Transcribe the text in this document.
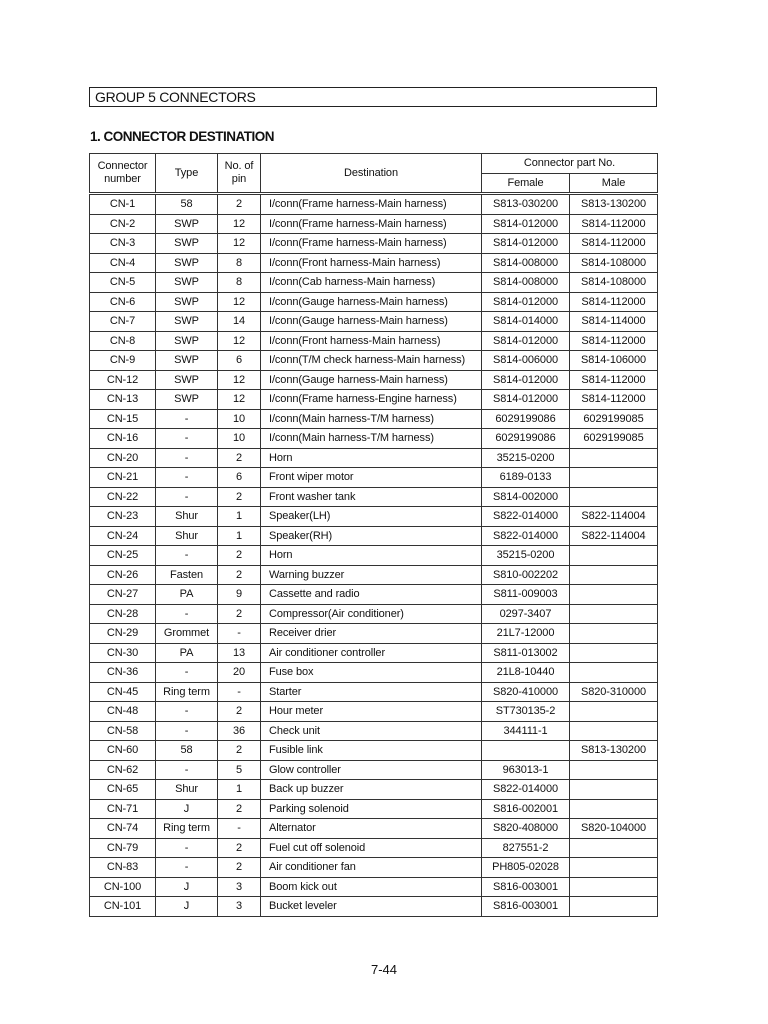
GROUP 5 CONNECTORS
1. CONNECTOR DESTINATION
Connector
number	Type	No. of
pin	Destination	Connector part No.	
				Female	Male
CN-1	58	2	I/conn(Frame harness-Main harness)	S813-030200	S813-130200
CN-2	SWP	12	I/conn(Frame harness-Main harness)	S814-012000	S814-112000
CN-3	SWP	12	I/conn(Frame harness-Main harness)	S814-012000	S814-112000
CN-4	SWP	8	I/conn(Front harness-Main harness)	S814-008000	S814-108000
CN-5	SWP	8	I/conn(Cab harness-Main harness)	S814-008000	S814-108000
CN-6	SWP	12	I/conn(Gauge harness-Main harness)	S814-012000	S814-112000
CN-7	SWP	14	I/conn(Gauge harness-Main harness)	S814-014000	S814-114000
CN-8	SWP	12	I/conn(Front harness-Main harness)	S814-012000	S814-112000
CN-9	SWP	6	I/conn(T/M check harness-Main harness)	S814-006000	S814-106000
CN-12	SWP	12	I/conn(Gauge harness-Main harness)	S814-012000	S814-112000
CN-13	SWP	12	I/conn(Frame harness-Engine harness)	S814-012000	S814-112000
CN-15	-	10	I/conn(Main harness-T/M harness)	6029199086	6029199085
CN-16	-	10	I/conn(Main harness-T/M harness)	6029199086	6029199085
CN-20	-	2	Horn	35215-0200	
CN-21	-	6	Front wiper motor	6189-0133	
CN-22	-	2	Front washer tank	S814-002000	
CN-23	Shur	1	Speaker(LH)	S822-014000	S822-114004
CN-24	Shur	1	Speaker(RH)	S822-014000	S822-114004
CN-25	-	2	Horn	35215-0200	
CN-26	Fasten	2	Warning buzzer	S810-002202	
CN-27	PA	9	Cassette and radio	S811-009003	
CN-28	-	2	Compressor(Air conditioner)	0297-3407	
CN-29	Grommet	-	Receiver drier	21L7-12000	
CN-30	PA	13	Air conditioner controller	S811-013002	
CN-36	-	20	Fuse box	21L8-10440	
CN-45	Ring term	-	Starter	S820-410000	S820-310000
CN-48	-	2	Hour meter	ST730135-2	
CN-58	-	36	Check unit	344111-1	
CN-60	58	2	Fusible link		S813-130200
CN-62	-	5	Glow controller	963013-1	
CN-65	Shur	1	Back up buzzer	S822-014000	
CN-71	J	2	Parking solenoid	S816-002001	
CN-74	Ring term	-	Alternator	S820-408000	S820-104000
CN-79	-	2	Fuel cut off solenoid	827551-2	
CN-83	-	2	Air conditioner fan	PH805-02028	
CN-100	J	3	Boom kick out	S816-003001	
CN-101	J	3	Bucket leveler	S816-003001	
7-44
